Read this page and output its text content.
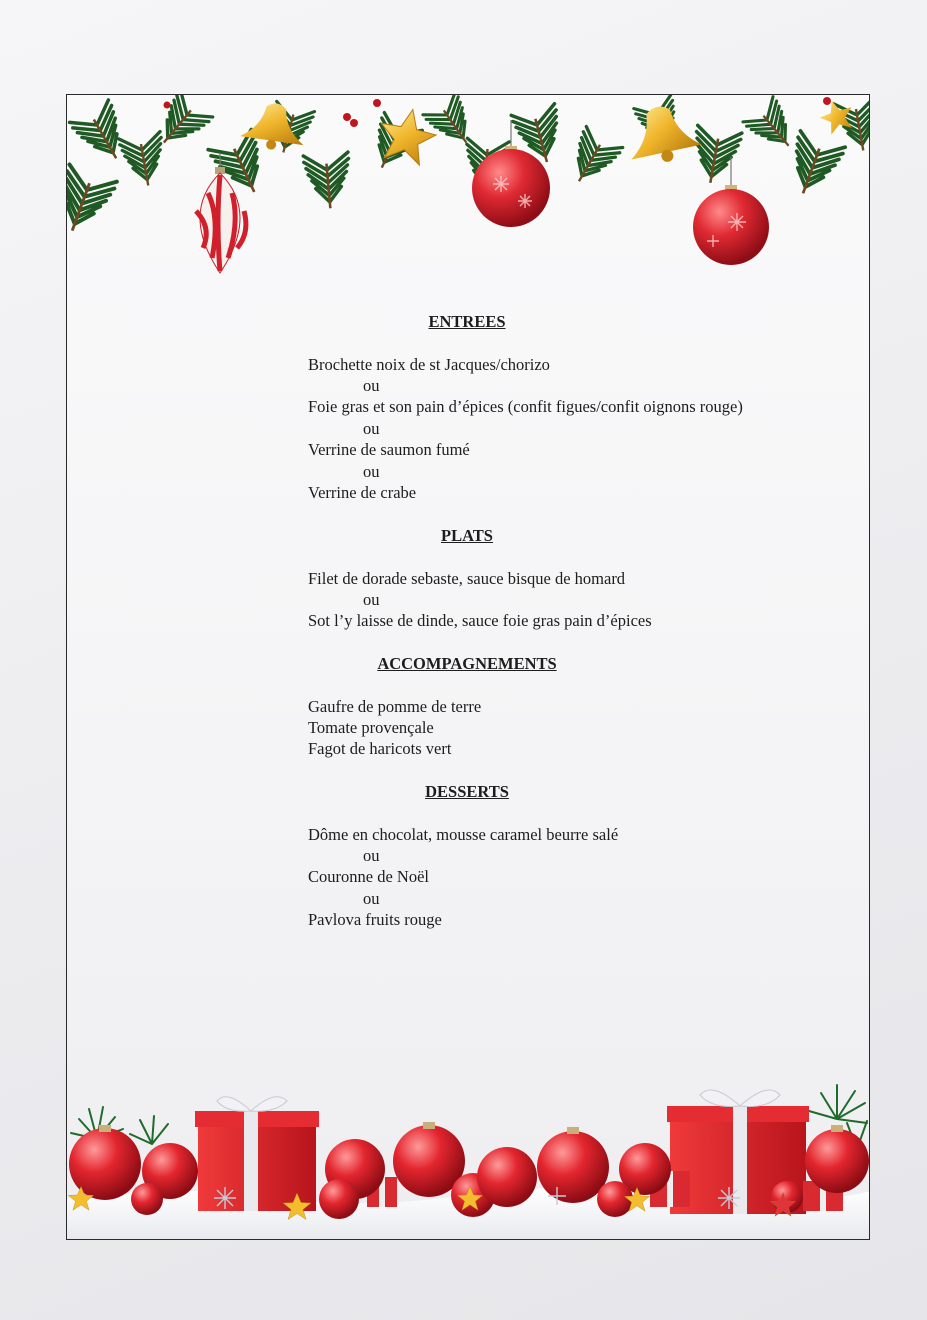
ENTREES
Brochette noix de st Jacques/chorizo
ou
Foie gras et son pain d’épices (confit figues/confit oignons rouge)
ou
Verrine de saumon fumé
ou
Verrine de crabe
PLATS
Filet de dorade sebaste, sauce bisque de homard
ou
Sot l’y laisse de dinde, sauce foie gras pain d’épices
ACCOMPAGNEMENTS
Gaufre de pomme de terre
Tomate provençale
Fagot de haricots vert
DESSERTS
Dôme en chocolat, mousse caramel beurre salé
ou
Couronne de Noël
ou
Pavlova fruits rouge
